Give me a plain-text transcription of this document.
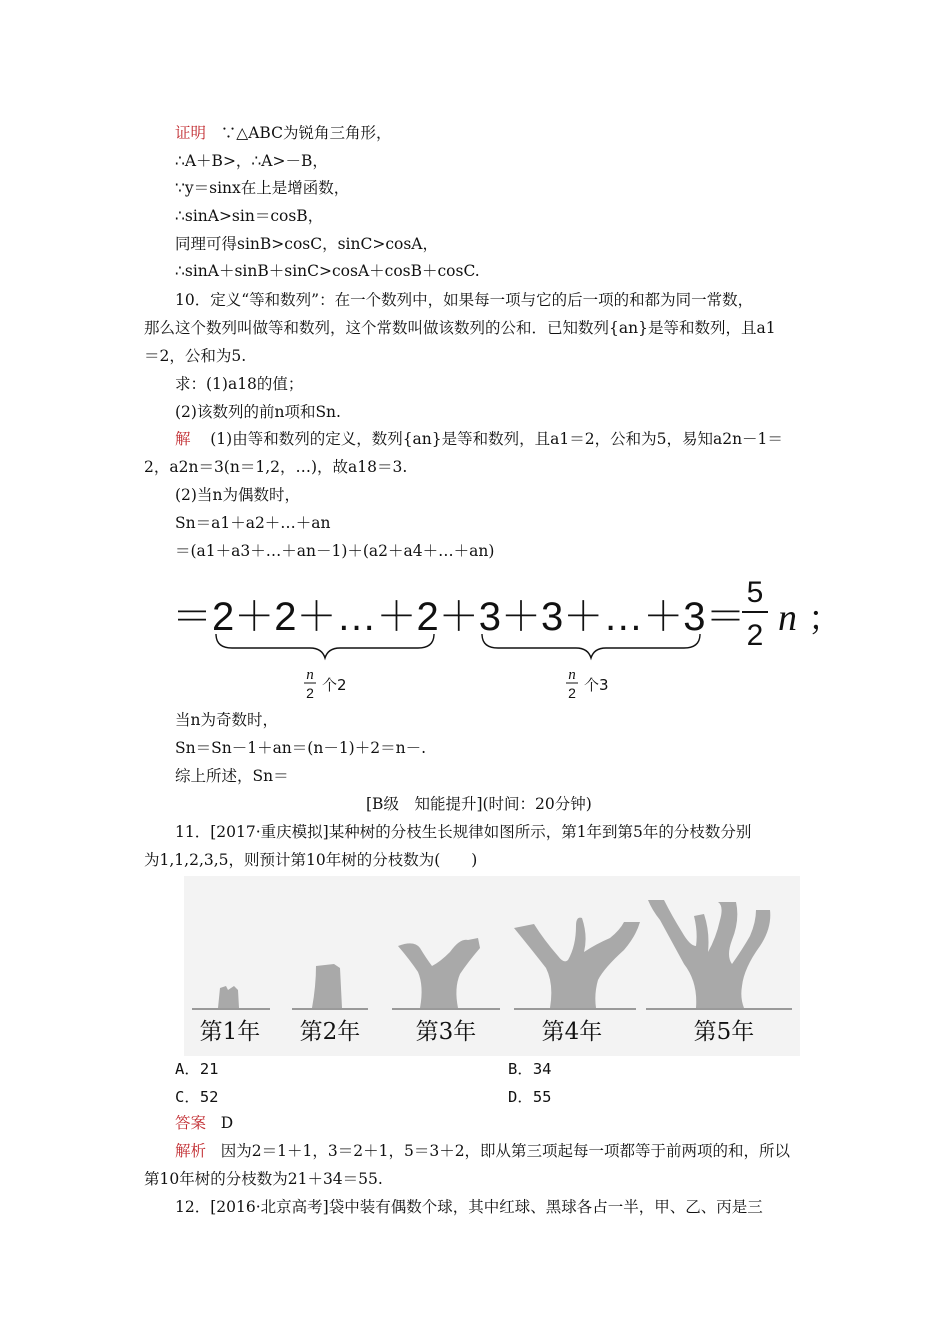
证明 ∵△ABC为锐角三角形，
∴A＋B>，∴A>－B，
∵y＝sinx在上是增函数，
∴sinA>sin＝cosB，
同理可得sinB>cosC，sinC>cosA，
∴sinA＋sinB＋sinC>cosA＋cosB＋cosC.
10．定义“等和数列”：在一个数列中，如果每一项与它的后一项的和都为同一常数，
那么这个数列叫做等和数列，这个常数叫做该数列的公和．已知数列{an}是等和数列，且a1
＝2，公和为5.
求：(1)a18的值；
(2)该数列的前n项和Sn.
解 (1)由等和数列的定义，数列{an}是等和数列，且a1＝2，公和为5，易知a2n－1＝
2，a2n＝3(n＝1,2，…)，故a18＝3.
(2)当n为偶数时，
Sn＝a1＋a2＋…＋an
＝(a1＋a3＋…＋an－1)＋(a2＋a4＋…＋an)
＝2＋2＋…＋2＋3＋3＋…＋3＝
5
2 n ；
n
2 个2
n
2 个3
当n为奇数时，
Sn＝Sn－1＋an＝(n－1)＋2＝n－.
综上所述，Sn＝
[B级　知能提升](时间：20分钟)
11．[2017·重庆模拟]某种树的分枝生长规律如图所示，第1年到第5年的分枝数分别
为1,1,2,3,5，则预计第10年树的分枝数为(　　)
第1年 第2年 第3年	第4年	第5年
A．21	B．34
C．52	D．55
答案 D
解析 因为2＝1＋1，3＝2＋1，5＝3＋2，即从第三项起每一项都等于前两项的和，所以
第10年树的分枝数为21＋34＝55.
12．[2016·北京高考]袋中装有偶数个球，其中红球、黑球各占一半，甲、乙、丙是三
